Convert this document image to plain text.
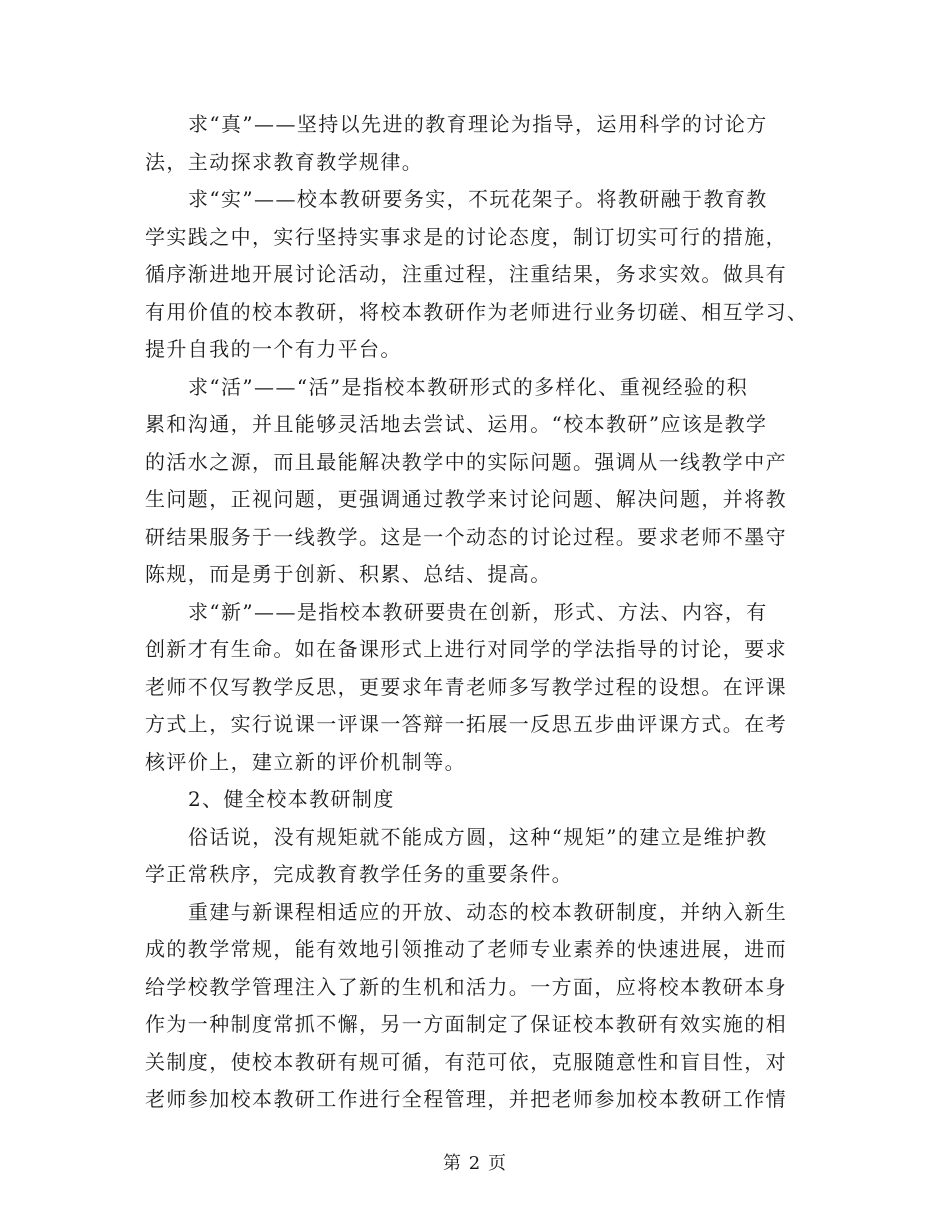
求“真”——坚持以先进的教育理论为指导，运用科学的讨论方
法，主动探求教育教学规律。

求“实”——校本教研要务实，不玩花架子。将教研融于教育教
学实践之中，实行坚持实事求是的讨论态度，制订切实可行的措施，
循序渐进地开展讨论活动，注重过程，注重结果，务求实效。做具有
有用价值的校本教研，将校本教研作为老师进行业务切磋、相互学习、
提升自我的一个有力平台。

求“活”——“活”是指校本教研形式的多样化、重视经验的积
累和沟通，并且能够灵活地去尝试、运用。“校本教研”应该是教学
的活水之源，而且最能解决教学中的实际问题。强调从一线教学中产
生问题，正视问题，更强调通过教学来讨论问题、解决问题，并将教
研结果服务于一线教学。这是一个动态的讨论过程。要求老师不墨守
陈规，而是勇于创新、积累、总结、提高。

求“新”——是指校本教研要贵在创新，形式、方法、内容，有
创新才有生命。如在备课形式上进行对同学的学法指导的讨论，要求
老师不仅写教学反思，更要求年青老师多写教学过程的设想。在评课
方式上，实行说课一评课一答辩一拓展一反思五步曲评课方式。在考
核评价上，建立新的评价机制等。

2、健全校本教研制度

俗话说，没有规矩就不能成方圆，这种“规矩”的建立是维护教
学正常秩序，完成教育教学任务的重要条件。

重建与新课程相适应的开放、动态的校本教研制度，并纳入新生
成的教学常规，能有效地引领推动了老师专业素养的快速进展，进而
给学校教学管理注入了新的生机和活力。一方面，应将校本教研本身
作为一种制度常抓不懈，另一方面制定了保证校本教研有效实施的相
关制度，使校本教研有规可循，有范可依，克服随意性和盲目性，对
老师参加校本教研工作进行全程管理，并把老师参加校本教研工作情

第 2 页
